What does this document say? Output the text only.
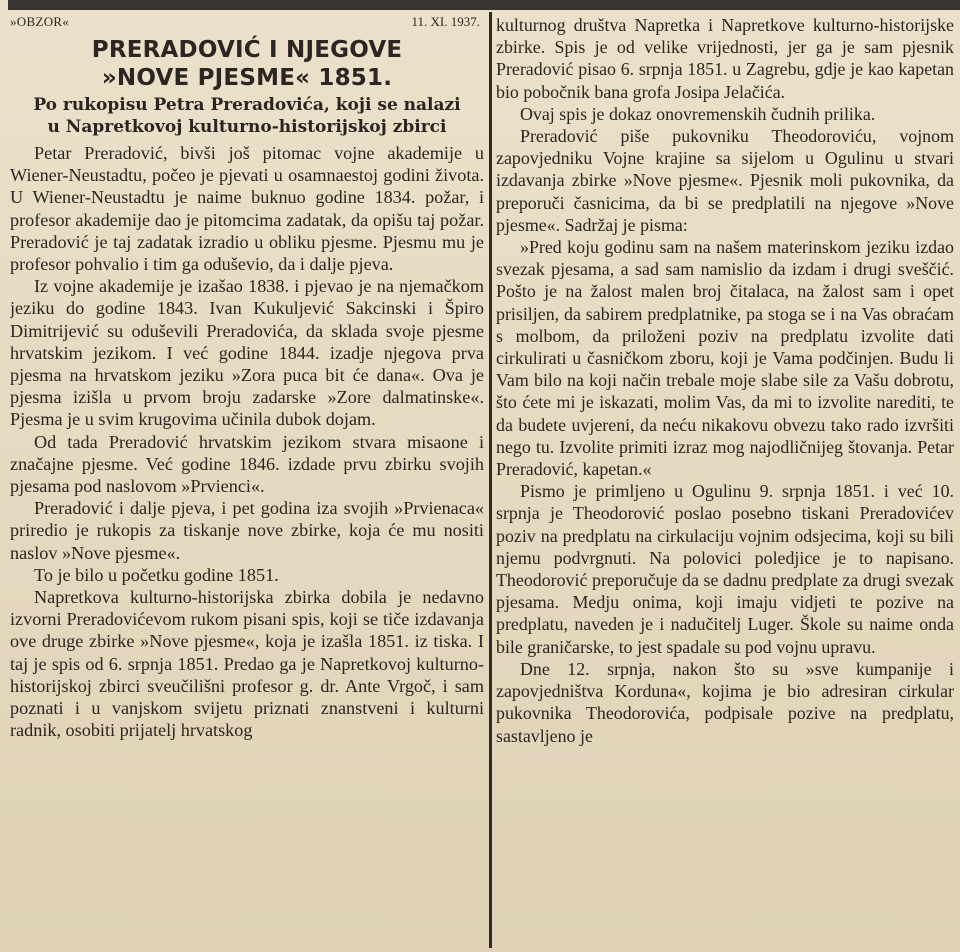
»OBZOR«	11. XI. 1937.
PRERADOVIĆ I NJEGOVE
»NOVE PJESME« 1851.
Po rukopisu Petra Preradovića, koji se nalazi
u Napretkovoj kulturno-historijskoj zbirci

Petar Preradović, bivši još pitomac vojne akademije u Wiener-Neustadtu, počeo je pjevati u osamnaestoj godini života. U Wiener-Neustadtu je naime buknuo godine 1834. požar, i profesor akademije dao je pitomcima zadatak, da opišu taj požar. Preradović je taj zadatak izradio u obliku pjesme. Pjesmu mu je profesor pohvalio i tim ga oduševio, da i dalje pjeva.

Iz vojne akademije je izašao 1838. i pjevao je na njemačkom jeziku do godine 1843. Ivan Kukuljević Sakcinski i Špiro Dimitrijević su oduševili Preradovića, da sklada svoje pjesme hrvatskim jezikom. I već godine 1844. izadje njegova prva pjesma na hrvatskom jeziku »Zora puca bit će dana«. Ova je pjesma izišla u prvom broju zadarske »Zore dalmatinske«. Pjesma je u svim krugovima učinila dubok dojam.

Od tada Preradović hrvatskim jezikom stvara misaone i značajne pjesme. Već godine 1846. izdade prvu zbirku svojih pjesama pod naslovom »Prvienci«.

Preradović i dalje pjeva, i pet godina iza svojih »Prvienaca« priredio je rukopis za tiskanje nove zbirke, koja će mu nositi naslov »Nove pjesme«.

To je bilo u početku godine 1851.

Napretkova kulturno-historijska zbirka dobila je nedavno izvorni Preradovićevom rukom pisani spis, koji se tiče izdavanja ove druge zbirke »Nove pjesme«, koja je izašla 1851. iz tiska. I taj je spis od 6. srpnja 1851. Predao ga je Napretkovoj kulturno-historijskoj zbirci sveučilišni profesor g. dr. Ante Vrgoč, i sam poznati i u vanjskom svijetu priznati znanstveni i kulturni radnik, osobiti prijatelj hrvatskog

kulturnog društva Napretka i Napretkove kulturno-historijske zbirke. Spis je od velike vrijednosti, jer ga je sam pjesnik Preradović pisao 6. srpnja 1851. u Zagrebu, gdje je kao kapetan bio pobočnik bana grofa Josipa Jelačića.

Ovaj spis je dokaz onovremenskih čudnih prilika.

Preradović piše pukovniku Theodoroviću, vojnom zapovjedniku Vojne krajine sa sijelom u Ogulinu u stvari izdavanja zbirke »Nove pjesme«. Pjesnik moli pukovnika, da preporuči časnicima, da bi se predplatili na njegove »Nove pjesme«. Sadržaj je pisma:

»Pred koju godinu sam na našem materinskom jeziku izdao svezak pjesama, a sad sam namislio da izdam i drugi sveščić. Pošto je na žalost malen broj čitalaca, na žalost sam i opet prisiljen, da sabirem predplatnike, pa stoga se i na Vas obraćam s molbom, da priloženi poziv na predplatu izvolite dati cirkulirati u časničkom zboru, koji je Vama podčinjen. Budu li Vam bilo na koji način trebale moje slabe sile za Vašu dobrotu, što ćete mi je iskazati, molim Vas, da mi to izvolite narediti, te da budete uvjereni, da neću nikakovu obvezu tako rado izvršiti nego tu. Izvolite primiti izraz mog najodličnijeg štovanja. Petar Preradović, kapetan.«

Pismo je primljeno u Ogulinu 9. srpnja 1851. i već 10. srpnja je Theodorović poslao posebno tiskani Preradovićev poziv na predplatu na cirkulaciju vojnim odsjecima, koji su bili njemu podvrgnuti. Na polovici poledjice je to napisano. Theodorović preporučuje da se dadnu predplate za drugi svezak pjesama. Medju onima, koji imaju vidjeti te pozive na predplatu, naveden je i nadučitelj Luger. Škole su naime onda bile graničarske, to jest spadale su pod vojnu upravu.

Dne 12. srpnja, nakon što su »sve kumpanije i zapovjedništva Korduna«, kojima je bio adresiran cirkular pukovnika Theodorovića, podpisale pozive na predplatu, sastavljeno je
